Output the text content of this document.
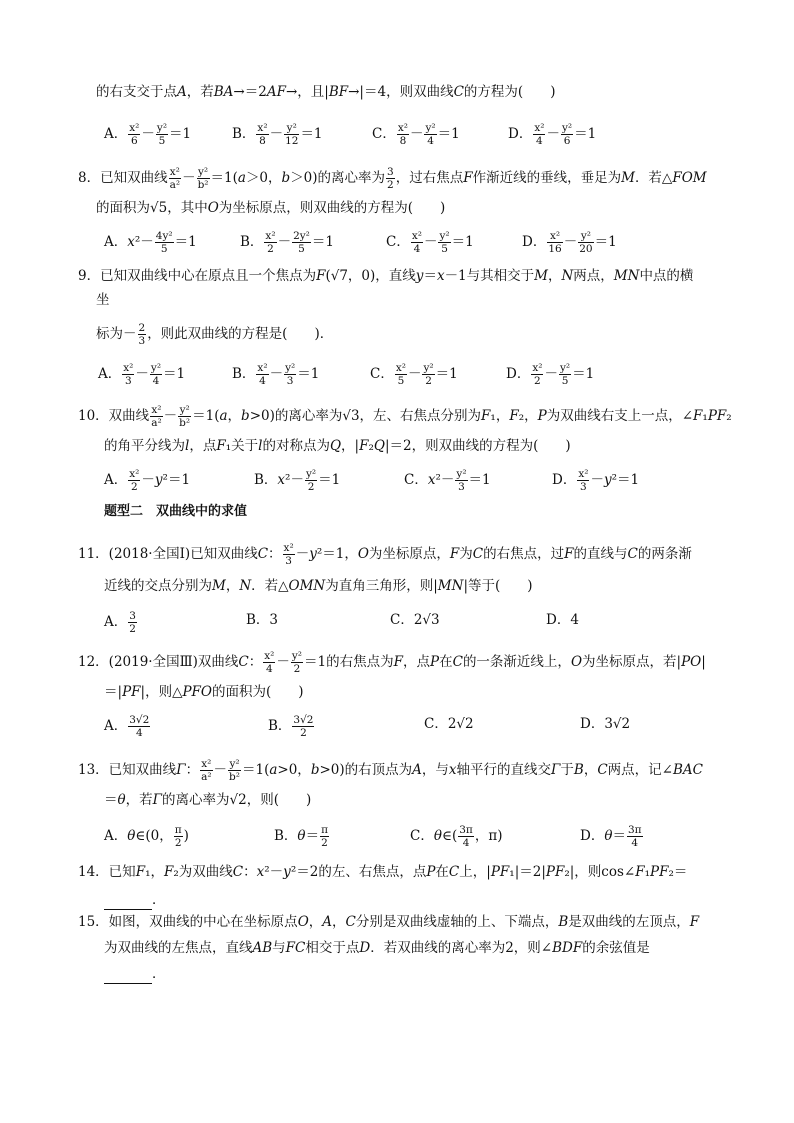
的右支交于点A，若BA→＝2AF→，且|BF→|＝4，则双曲线C的方程为(　　)
A． $\frac{\text{x²}}{6} - \frac{\text{y²}}{5} =1$	B． $\frac{\text{x²}}{8} - \frac{\text{y²}}{12} =1$	C． $\frac{\text{x²}}{8} - \frac{\text{y²}}{4} =1$	D． $\frac{\text{x²}}{4} - \frac{\text{y²}}{6} =1$
8．已知双曲线 $\frac{\text{x²}}{\text{a²}} - \frac{\text{y²}}{\text{b²}} =1(a>0$，b＞0)的离心率为 $\frac{3}{2}$ ，过右焦点F作渐近线的垂线，垂足为M．若△FOM
的面积为√5，其中O为坐标原点，则双曲线的方程为(　　)
A．$x^2- \frac{\text{4y²}}{5} =1$	B． $\frac{\text{x²}}{2} - \frac{\text{2y²}}{5} =1$	C． $\frac{\text{x²}}{4} - \frac{\text{y²}}{5} =1$	D． $\frac{\text{x²}}{16} - \frac{\text{y²}}{20} =1$
9．已知双曲线中心在原点且一个焦点为F(√7，0)，直线y＝x－1与其相交于M，N两点，MN中点的横
坐
标为－ $\frac{2}{3}$ ，则此双曲线的方程是(　　)．
A． $\frac{\text{x²}}{3} - \frac{\text{y²}}{4} =1$	B． $\frac{\text{x²}}{4} - \frac{\text{y²}}{3} =1$	C． $\frac{\text{x²}}{5} - \frac{\text{y²}}{2} =1$	D． $\frac{\text{x²}}{2} - \frac{\text{y²}}{5} =1$
10．双曲线 $\frac{\text{x²}}{\text{a²}} - \frac{\text{y²}}{\text{b²}} =1(a$，b>0)的离心率为√3，左、右焦点分别为F₁，F₂，P为双曲线右支上一点，∠F₁PF₂
的角平分线为l，点F₁关于l的对称点为Q，|F₂Q|＝2，则双曲线的方程为(　　)
A． $\frac{\text{x²}}{2} -y^2=1$	B．$x^2- \frac{\text{y²}}{2} =1$	C．$x^2- \frac{\text{y²}}{3} =1$	D． $\frac{\text{x²}}{3} -y^2=1$
题型二　双曲线中的求值
11．(2018·全国Ⅰ)已知双曲线C： $\frac{\text{x²}}{3} -y^2=1$，O为坐标原点，F为C的右焦点，过F的直线与C的两条渐
近线的交点分别为M，N．若△OMN为直角三角形，则|MN|等于(　　)
A． $\frac{3}{2}$	B．3	C．2√3	D．4
12．(2019·全国Ⅲ)双曲线C： $\frac{\text{x²}}{4} - \frac{\text{y²}}{2} =1$的右焦点为F，点P在C的一条渐近线上，O为坐标原点，若|PO|
＝|PF|，则△PFO的面积为(　　)
A． $\frac{3√2}{4}$	B． $\frac{3√2}{2}$	C．2√2	D．3√2
13．已知双曲线Γ： $\frac{\text{x²}}{\text{a²}} - \frac{\text{y²}}{\text{b²}} =1(a>0$，b>0)的右顶点为A，与x轴平行的直线交Γ于B，C两点，记∠BAC
＝θ，若Γ的离心率为√2，则(　　)
A．θ∈(0， $\frac{\pi}{2}$ )	B．$\theta= \frac{\pi}{2}$	C．θ∈( $\frac{3\pi}{4}$ ，π)	D．$\theta= \frac{3\pi}{4}$
14．已知F₁，F₂为双曲线C：x²－y²＝2的左、右焦点，点P在C上，|PF₁|＝2|PF₂|，则cos∠F₁PF₂＝
．
15．如图，双曲线的中心在坐标原点O，A，C分别是双曲线虚轴的上、下端点，B是双曲线的左顶点，F
为双曲线的左焦点，直线AB与FC相交于点D．若双曲线的离心率为2，则∠BDF的余弦值是
．
